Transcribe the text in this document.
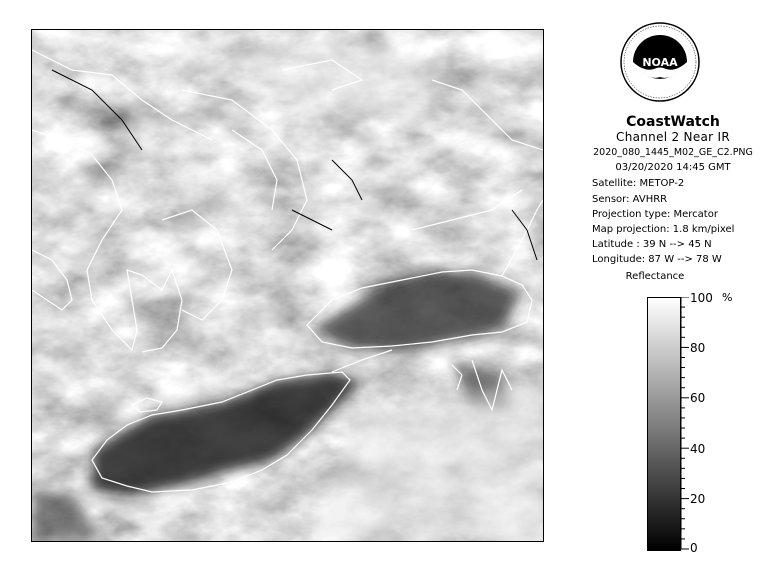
NOAA
CoastWatch
Channel 2 Near IR
2020_080_1445_M02_GE_C2.PNG
03/20/2020 14:45 GMT
Satellite: METOP-2
Sensor: AVHRR
Projection type: Mercator
Map projection: 1.8 km/pixel
Latitude : 39 N --> 45 N
Longitude: 87 W --> 78 W
Reflectance
100
80
60
40
20
0
%
